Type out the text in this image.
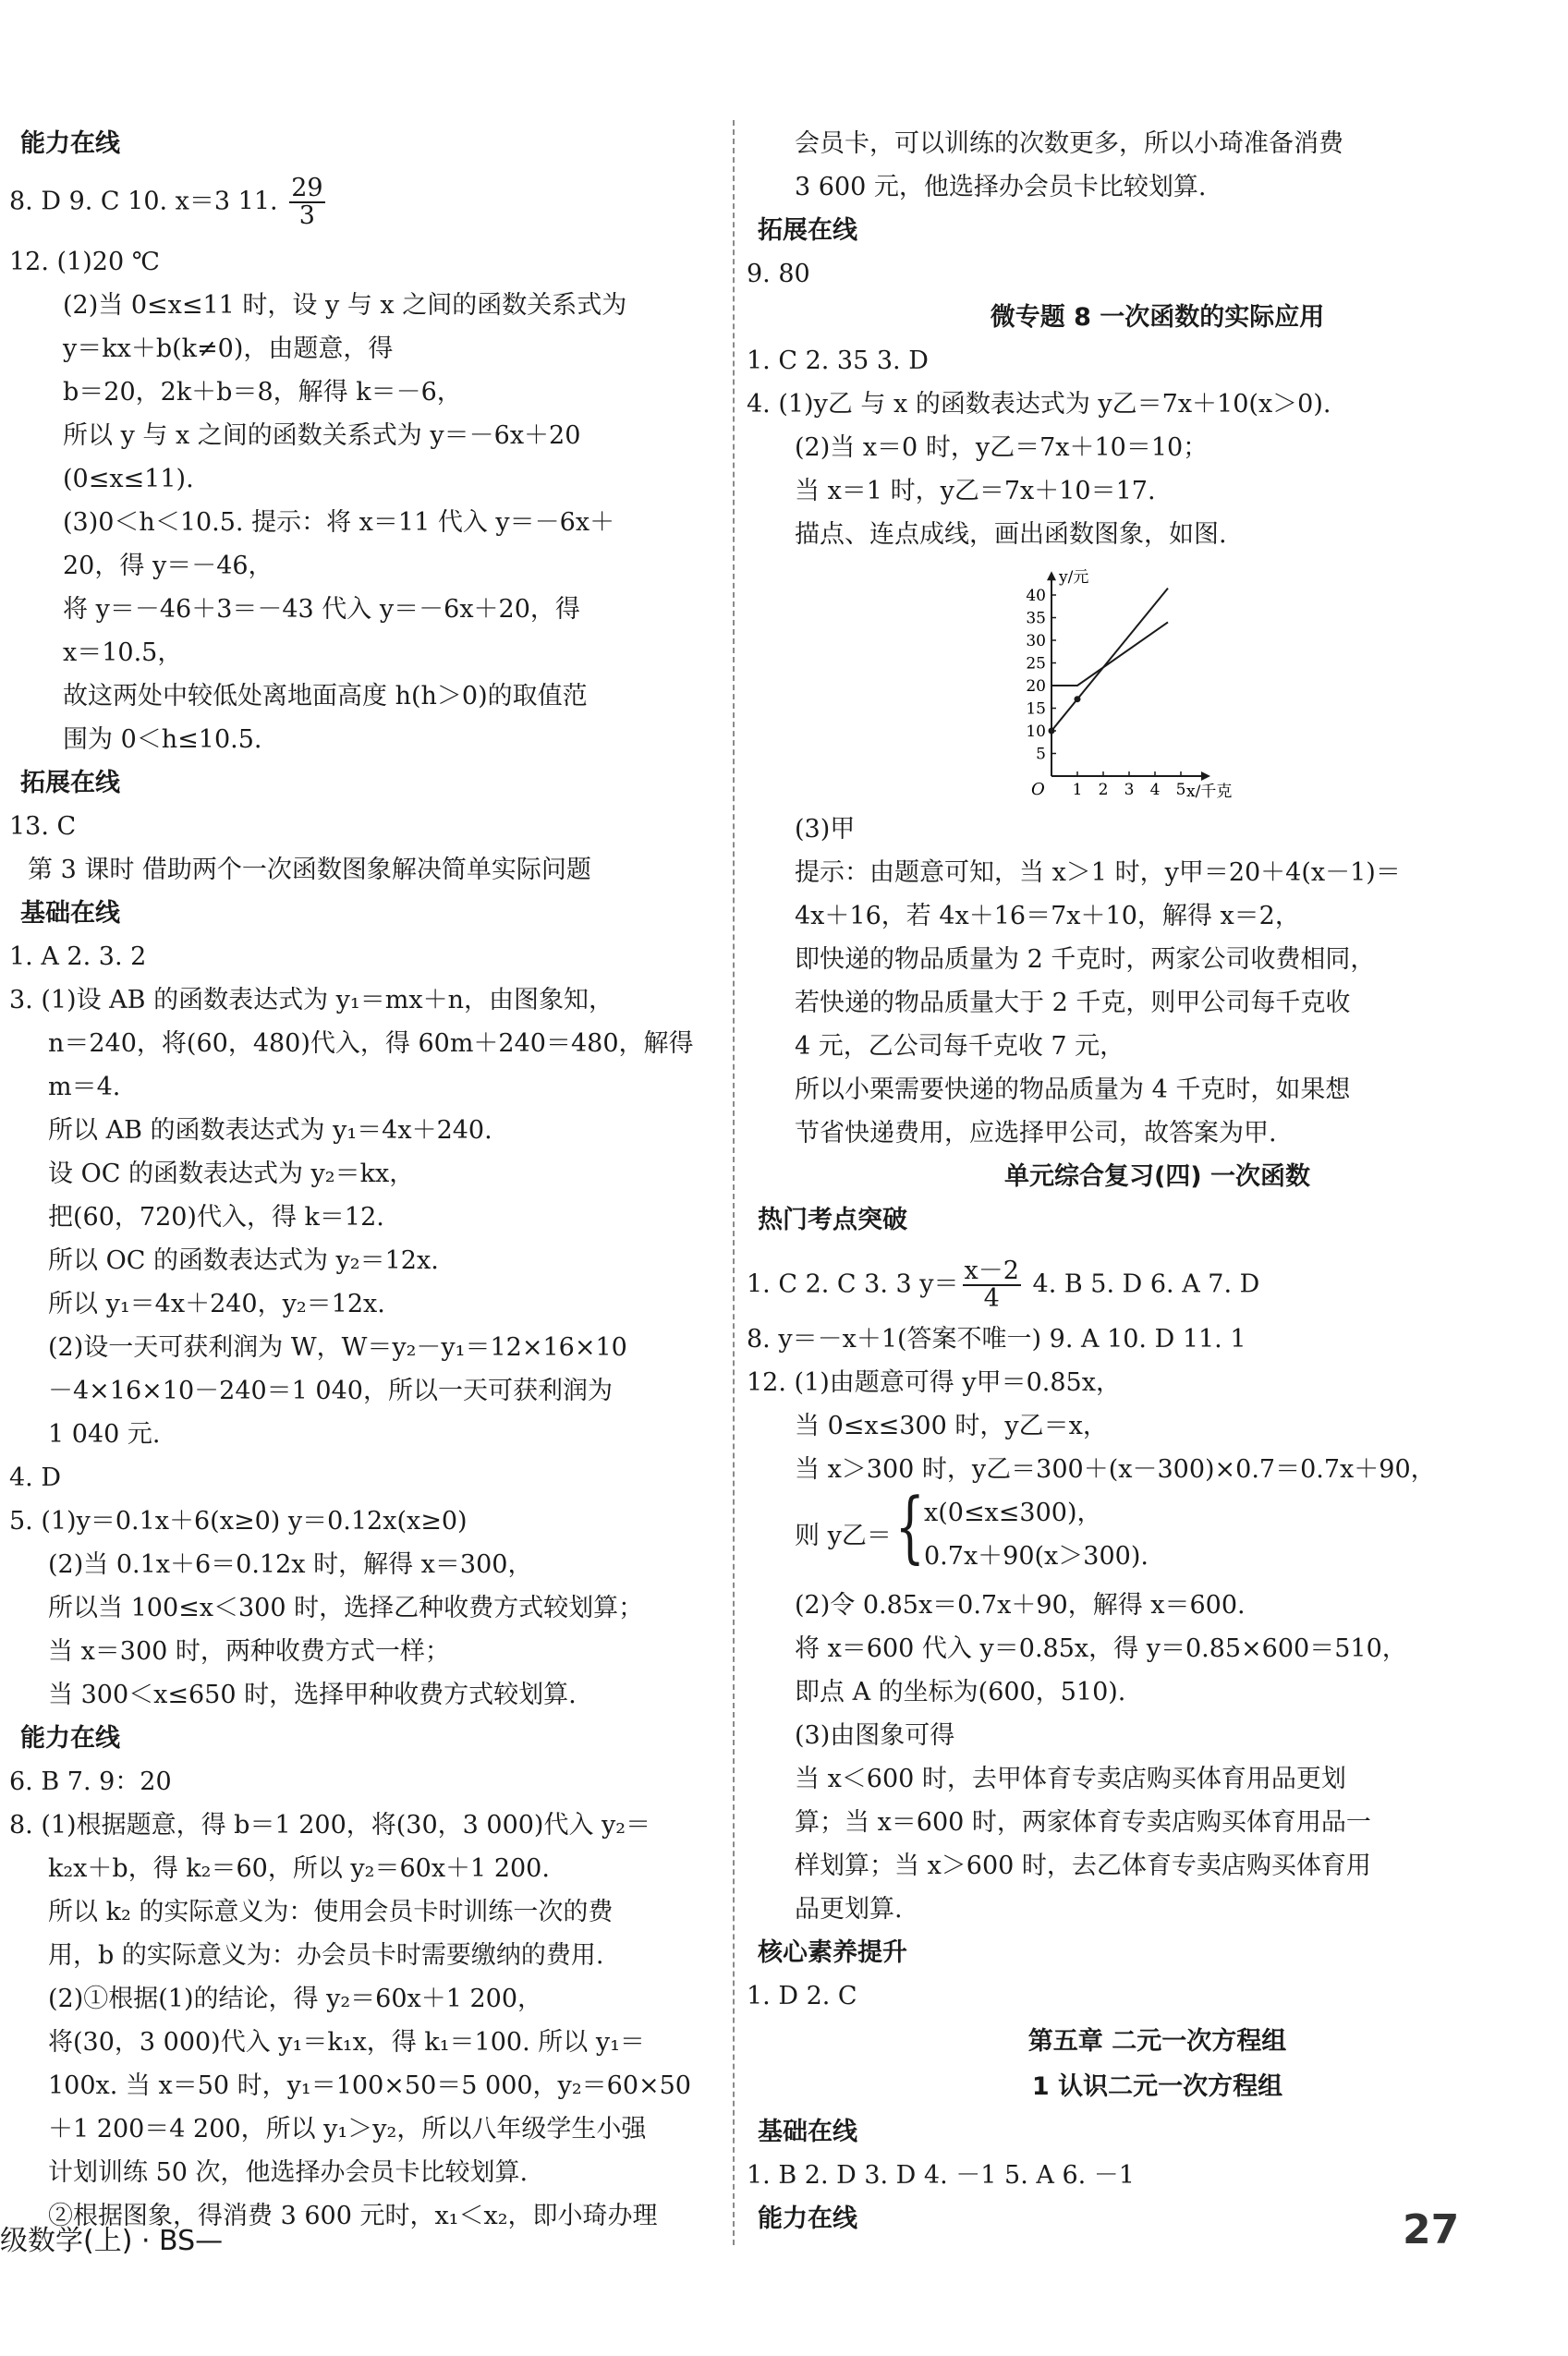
能力在线
8. D 9. C 10. x＝3 11. $\frac{29}{3}$
12. (1)20 ℃
(2)当 0≤x≤11 时，设 y 与 x 之间的函数关系式为
y＝kx＋b(k≠0)，由题意，得
b＝20，2k＋b＝8，解得 k＝－6，
所以 y 与 x 之间的函数关系式为 y＝－6x＋20
(0≤x≤11).
(3)0＜h＜10.5. 提示：将 x＝11 代入 y＝－6x＋
20，得 y＝－46，
将 y＝－46＋3＝－43 代入 y＝－6x＋20，得
x＝10.5，
故这两处中较低处离地面高度 h(h＞0)的取值范
围为 0＜h≤10.5.
拓展在线
13. C
第 3 课时 借助两个一次函数图象解决简单实际问题
基础在线
1. A 2. 3. 2
3. (1)设 AB 的函数表达式为 y₁＝mx＋n，由图象知，
n＝240，将(60，480)代入，得 60m＋240＝480，解得
m＝4.
所以 AB 的函数表达式为 y₁＝4x＋240.
设 OC 的函数表达式为 y₂＝kx，
把(60，720)代入，得 k＝12.
所以 OC 的函数表达式为 y₂＝12x.
所以 y₁＝4x＋240，y₂＝12x.
(2)设一天可获利润为 W，W＝y₂－y₁＝12×16×10
－4×16×10－240＝1 040，所以一天可获利润为
1 040 元.
4. D
5. (1)y＝0.1x＋6(x≥0) y＝0.12x(x≥0)
(2)当 0.1x＋6＝0.12x 时，解得 x＝300，
所以当 100≤x＜300 时，选择乙种收费方式较划算；
当 x＝300 时，两种收费方式一样；
当 300＜x≤650 时，选择甲种收费方式较划算.
能力在线
6. B 7. 9：20
8. (1)根据题意，得 b＝1 200，将(30，3 000)代入 y₂＝
k₂x＋b，得 k₂＝60，所以 y₂＝60x＋1 200.
所以 k₂ 的实际意义为：使用会员卡时训练一次的费
用，b 的实际意义为：办会员卡时需要缴纳的费用.
(2)①根据(1)的结论，得 y₂＝60x＋1 200，
将(30，3 000)代入 y₁＝k₁x，得 k₁＝100. 所以 y₁＝
100x. 当 x＝50 时，y₁＝100×50＝5 000，y₂＝60×50
＋1 200＝4 200，所以 y₁＞y₂，所以八年级学生小强
计划训练 50 次，他选择办会员卡比较划算.
②根据图象，得消费 3 600 元时，x₁＜x₂，即小琦办理
会员卡，可以训练的次数更多，所以小琦准备消费
3 600 元，他选择办会员卡比较划算.
拓展在线
9. 80
微专题 8 一次函数的实际应用
1. C 2. 35 3. D
4. (1)y乙 与 x 的函数表达式为 y乙＝7x＋10(x＞0).
(2)当 x＝0 时，y乙＝7x＋10＝10；
当 x＝1 时，y乙＝7x＋10＝17.
描点、连点成线，画出函数图象，如图.
y/元
x/千克
O
5
10
15
20
25
30
35
40
1 2 3 4 5
(3)甲
提示：由题意可知，当 x＞1 时，y甲＝20＋4(x－1)＝
4x＋16，若 4x＋16＝7x＋10，解得 x＝2，
即快递的物品质量为 2 千克时，两家公司收费相同，
若快递的物品质量大于 2 千克，则甲公司每千克收
4 元，乙公司每千克收 7 元，
所以小栗需要快递的物品质量为 4 千克时，如果想
节省快递费用，应选择甲公司，故答案为甲.
单元综合复习(四) 一次函数
热门考点突破
1. C 2. C 3. 3 $y= \frac{x-2}{4} 4$. B 5. D 6. A 7. D
8. y＝－x＋1(答案不唯一) 9. A 10. D 11. 1
12. (1)由题意可得 y甲＝0.85x，
当 0≤x≤300 时，y乙＝x，
当 x＞300 时，y乙＝300＋(x－300)×0.7＝0.7x＋90，
则 y乙＝ { x(0≤x≤300)，
0.7x＋90(x＞300).
(2)令 0.85x＝0.7x＋90，解得 x＝600.
将 x＝600 代入 y＝0.85x，得 y＝0.85×600＝510，
即点 A 的坐标为(600，510).
(3)由图象可得
当 x＜600 时，去甲体育专卖店购买体育用品更划
算；当 x＝600 时，两家体育专卖店购买体育用品一
样划算；当 x＞600 时，去乙体育专卖店购买体育用
品更划算.
核心素养提升
1. D 2. C
第五章 二元一次方程组
1 认识二元一次方程组
基础在线
1. B 2. D 3. D 4. －1 5. A 6. －1
能力在线
级数学(上) · BS—	27
